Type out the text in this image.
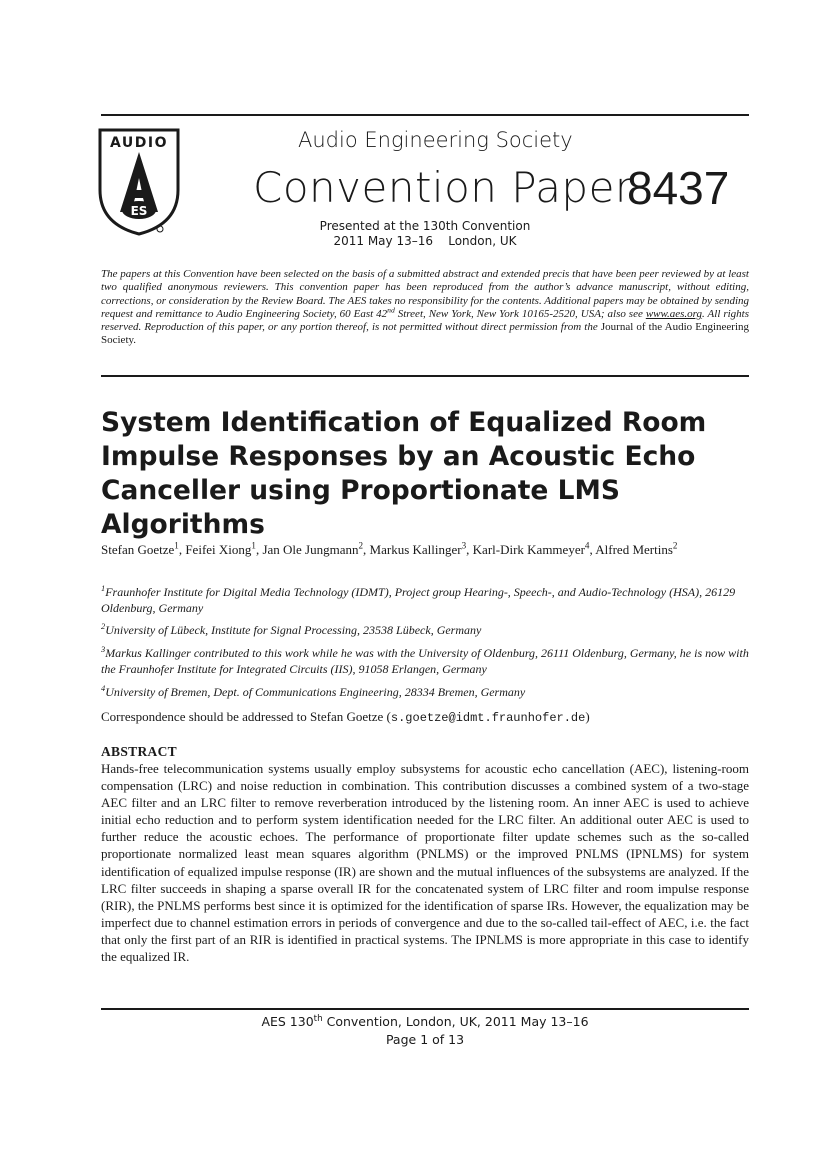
AUDIO
ES
Audio Engineering Society
Convention Paper
8437
Presented at the 130th Convention
2011 May 13–16    London, UK
The papers at this Convention have been selected on the basis of a submitted abstract and extended precis that have been peer reviewed by at least two qualified anonymous reviewers. This convention paper has been reproduced from the author’s advance manuscript, without editing, corrections, or consideration by the Review Board. The AES takes no responsibility for the contents. Additional papers may be obtained by sending request and remittance to Audio Engineering Society, 60 East 42nd Street, New York, New York 10165-2520, USA; also see www.aes.org. All rights reserved. Reproduction of this paper, or any portion thereof, is not permitted without direct permission from the Journal of the Audio Engineering Society.
System Identification of Equalized Room
Impulse Responses by an Acoustic Echo
Canceller using Proportionate LMS Algorithms
Stefan Goetze$^1$, Feifei Xiong$^1$, Jan Ole Jungmann$^2$, Markus Kallinger$^3$, Karl-Dirk Kammeyer$^4$, Alfred Mertins$^2$
$^1$Fraunhofer Institute for Digital Media Technology (IDMT), Project group Hearing-, Speech-, and Audio-Technology (HSA), 26129 Oldenburg, Germany
$^2$University of Lübeck, Institute for Signal Processing, 23538 Lübeck, Germany
$^3$Markus Kallinger contributed to this work while he was with the University of Oldenburg, 26111 Oldenburg, Germany, he is now with the Fraunhofer Institute for Integrated Circuits (IIS), 91058 Erlangen, Germany
$^4$University of Bremen, Dept. of Communications Engineering, 28334 Bremen, Germany
Correspondence should be addressed to Stefan Goetze (s.goetze@idmt.fraunhofer.de)
ABSTRACT
Hands-free telecommunication systems usually employ subsystems for acoustic echo cancellation (AEC), listening-room compensation (LRC) and noise reduction in combination. This contribution discusses a combined system of a two-stage AEC filter and an LRC filter to remove reverberation introduced by the listening room. An inner AEC is used to achieve initial echo reduction and to perform system identification needed for the LRC filter. An additional outer AEC is used to further reduce the acoustic echoes. The performance of proportionate filter update schemes such as the so-called proportionate normalized least mean squares algorithm (PNLMS) or the improved PNLMS (IPNLMS) for system identification of equalized impulse response (IR) are shown and the mutual influences of the subsystems are analyzed. If the LRC filter succeeds in shaping a sparse overall IR for the concatenated system of LRC filter and room impulse response (RIR), the PNLMS performs best since it is optimized for the identification of sparse IRs. However, the equalization may be imperfect due to channel estimation errors in periods of convergence and due to the so-called tail-effect of AEC, i.e. the fact that only the first part of an RIR is identified in practical systems. The IPNLMS is more appropriate in this case to identify the equalized IR.
AES 130th Convention, London, UK, 2011 May 13–16
Page 1 of 13
